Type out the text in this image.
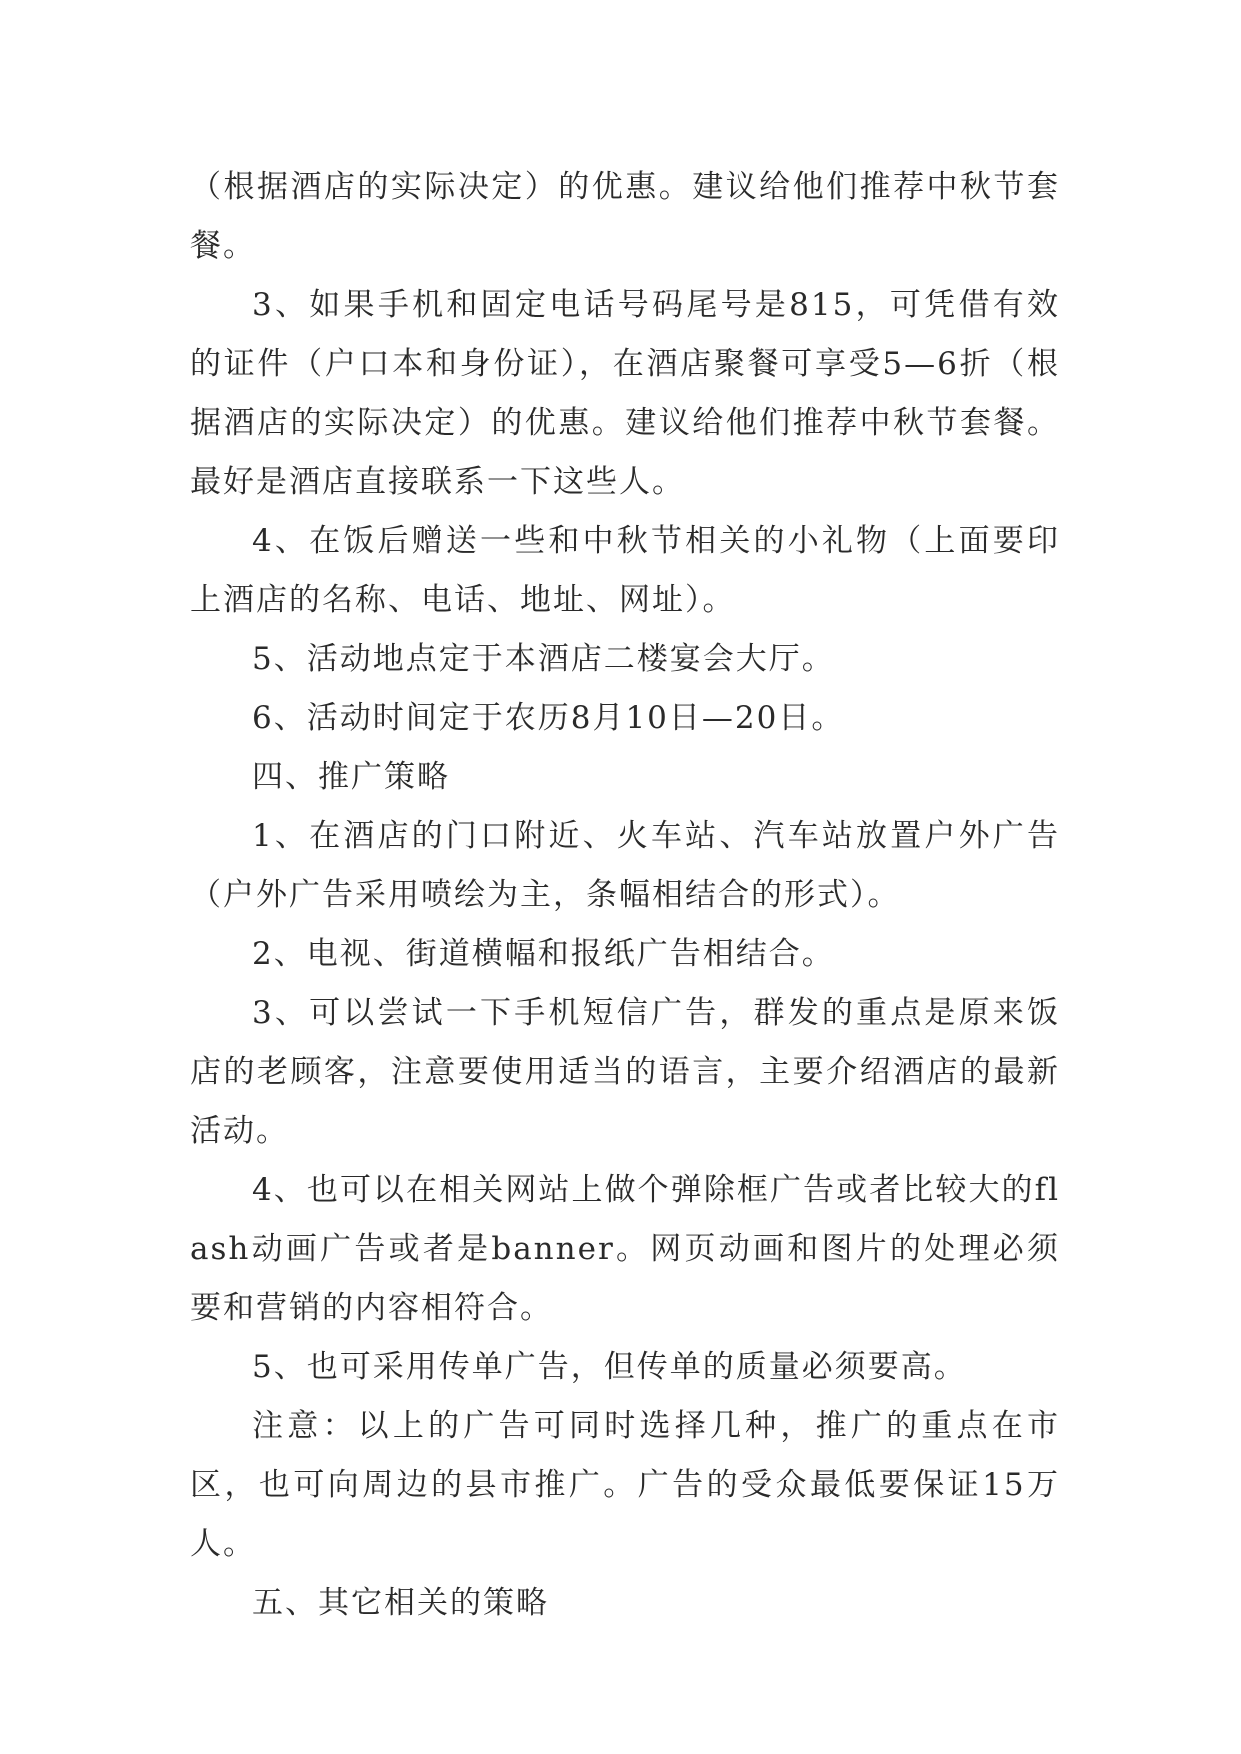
（根据酒店的实际决定）的优惠。建议给他们推荐中秋节套餐。

3、如果手机和固定电话号码尾号是815，可凭借有效的证件（户口本和身份证），在酒店聚餐可享受5—6折（根据酒店的实际决定）的优惠。建议给他们推荐中秋节套餐。最好是酒店直接联系一下这些人。

4、在饭后赠送一些和中秋节相关的小礼物（上面要印上酒店的名称、电话、地址、网址）。

5、活动地点定于本酒店二楼宴会大厅。

6、活动时间定于农历8月10日—20日。

四、推广策略

1、在酒店的门口附近、火车站、汽车站放置户外广告（户外广告采用喷绘为主，条幅相结合的形式）。

2、电视、街道横幅和报纸广告相结合。

3、可以尝试一下手机短信广告，群发的重点是原来饭店的老顾客，注意要使用适当的语言，主要介绍酒店的最新活动。

4、也可以在相关网站上做个弹除框广告或者比较大的flash动画广告或者是banner。网页动画和图片的处理必须要和营销的内容相符合。

5、也可采用传单广告，但传单的质量必须要高。

注意：以上的广告可同时选择几种，推广的重点在市区，也可向周边的县市推广。广告的受众最低要保证15万人。

五、其它相关的策略
